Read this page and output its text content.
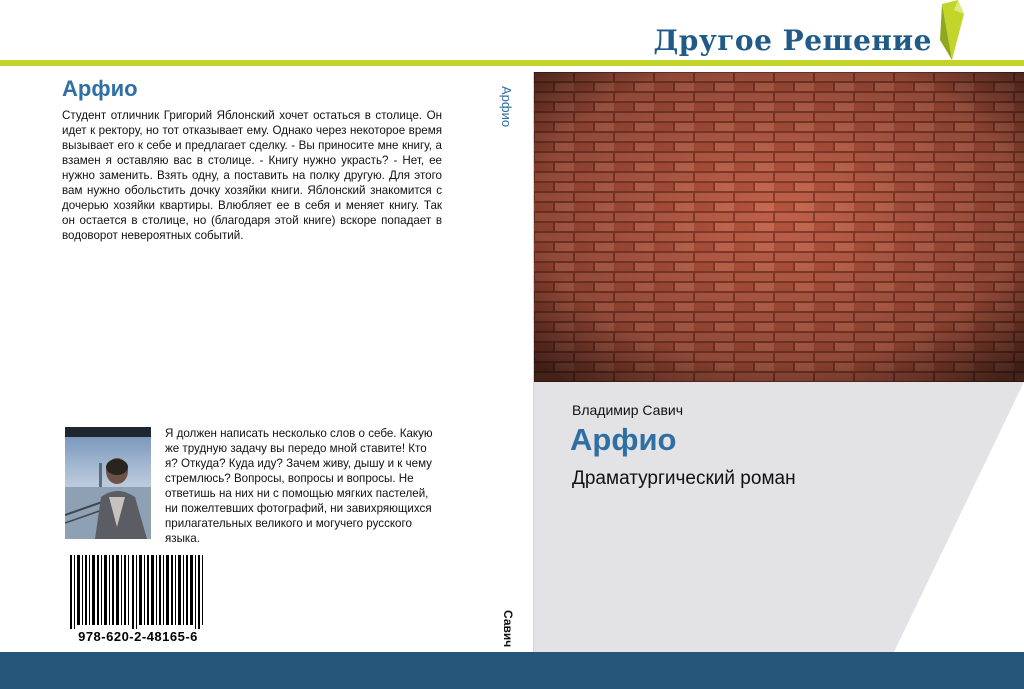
Другое Решение
Арфио
Студент отличник Григорий Яблонский хочет остаться в столице. Он идет к ректору, но тот отказывает ему. Однако через некоторое время вызывает его к себе и предлагает сделку. - Вы приносите мне книгу, а взамен я оставляю вас в столице. - Книгу нужно украсть? - Нет, ее нужно заменить. Взять одну, а поставить на полку другую. Для этого вам нужно обольстить дочку хозяйки книги. Яблонский знакомится с дочерью хозяйки квартиры. Влюбляет ее в себя и меняет книгу. Так он остается в столице, но (благодаря этой книге) вскоре попадает в водоворот невероятных событий.
Я должен написать несколько слов о себе. Какую же трудную задачу вы передо мной ставите! Кто я? Откуда? Куда иду? Зачем живу, дышу и к чему стремлюсь? Вопросы, вопросы и вопросы. Не ответишь на них ни с помощью мягких пастелей, ни пожелтевших фотографий, ни завихряющихся прилагательных великого и могучего русского языка.
978-620-2-48165-6
Арфио
Савич
Владимир Савич
Арфио
Драматургический роман
